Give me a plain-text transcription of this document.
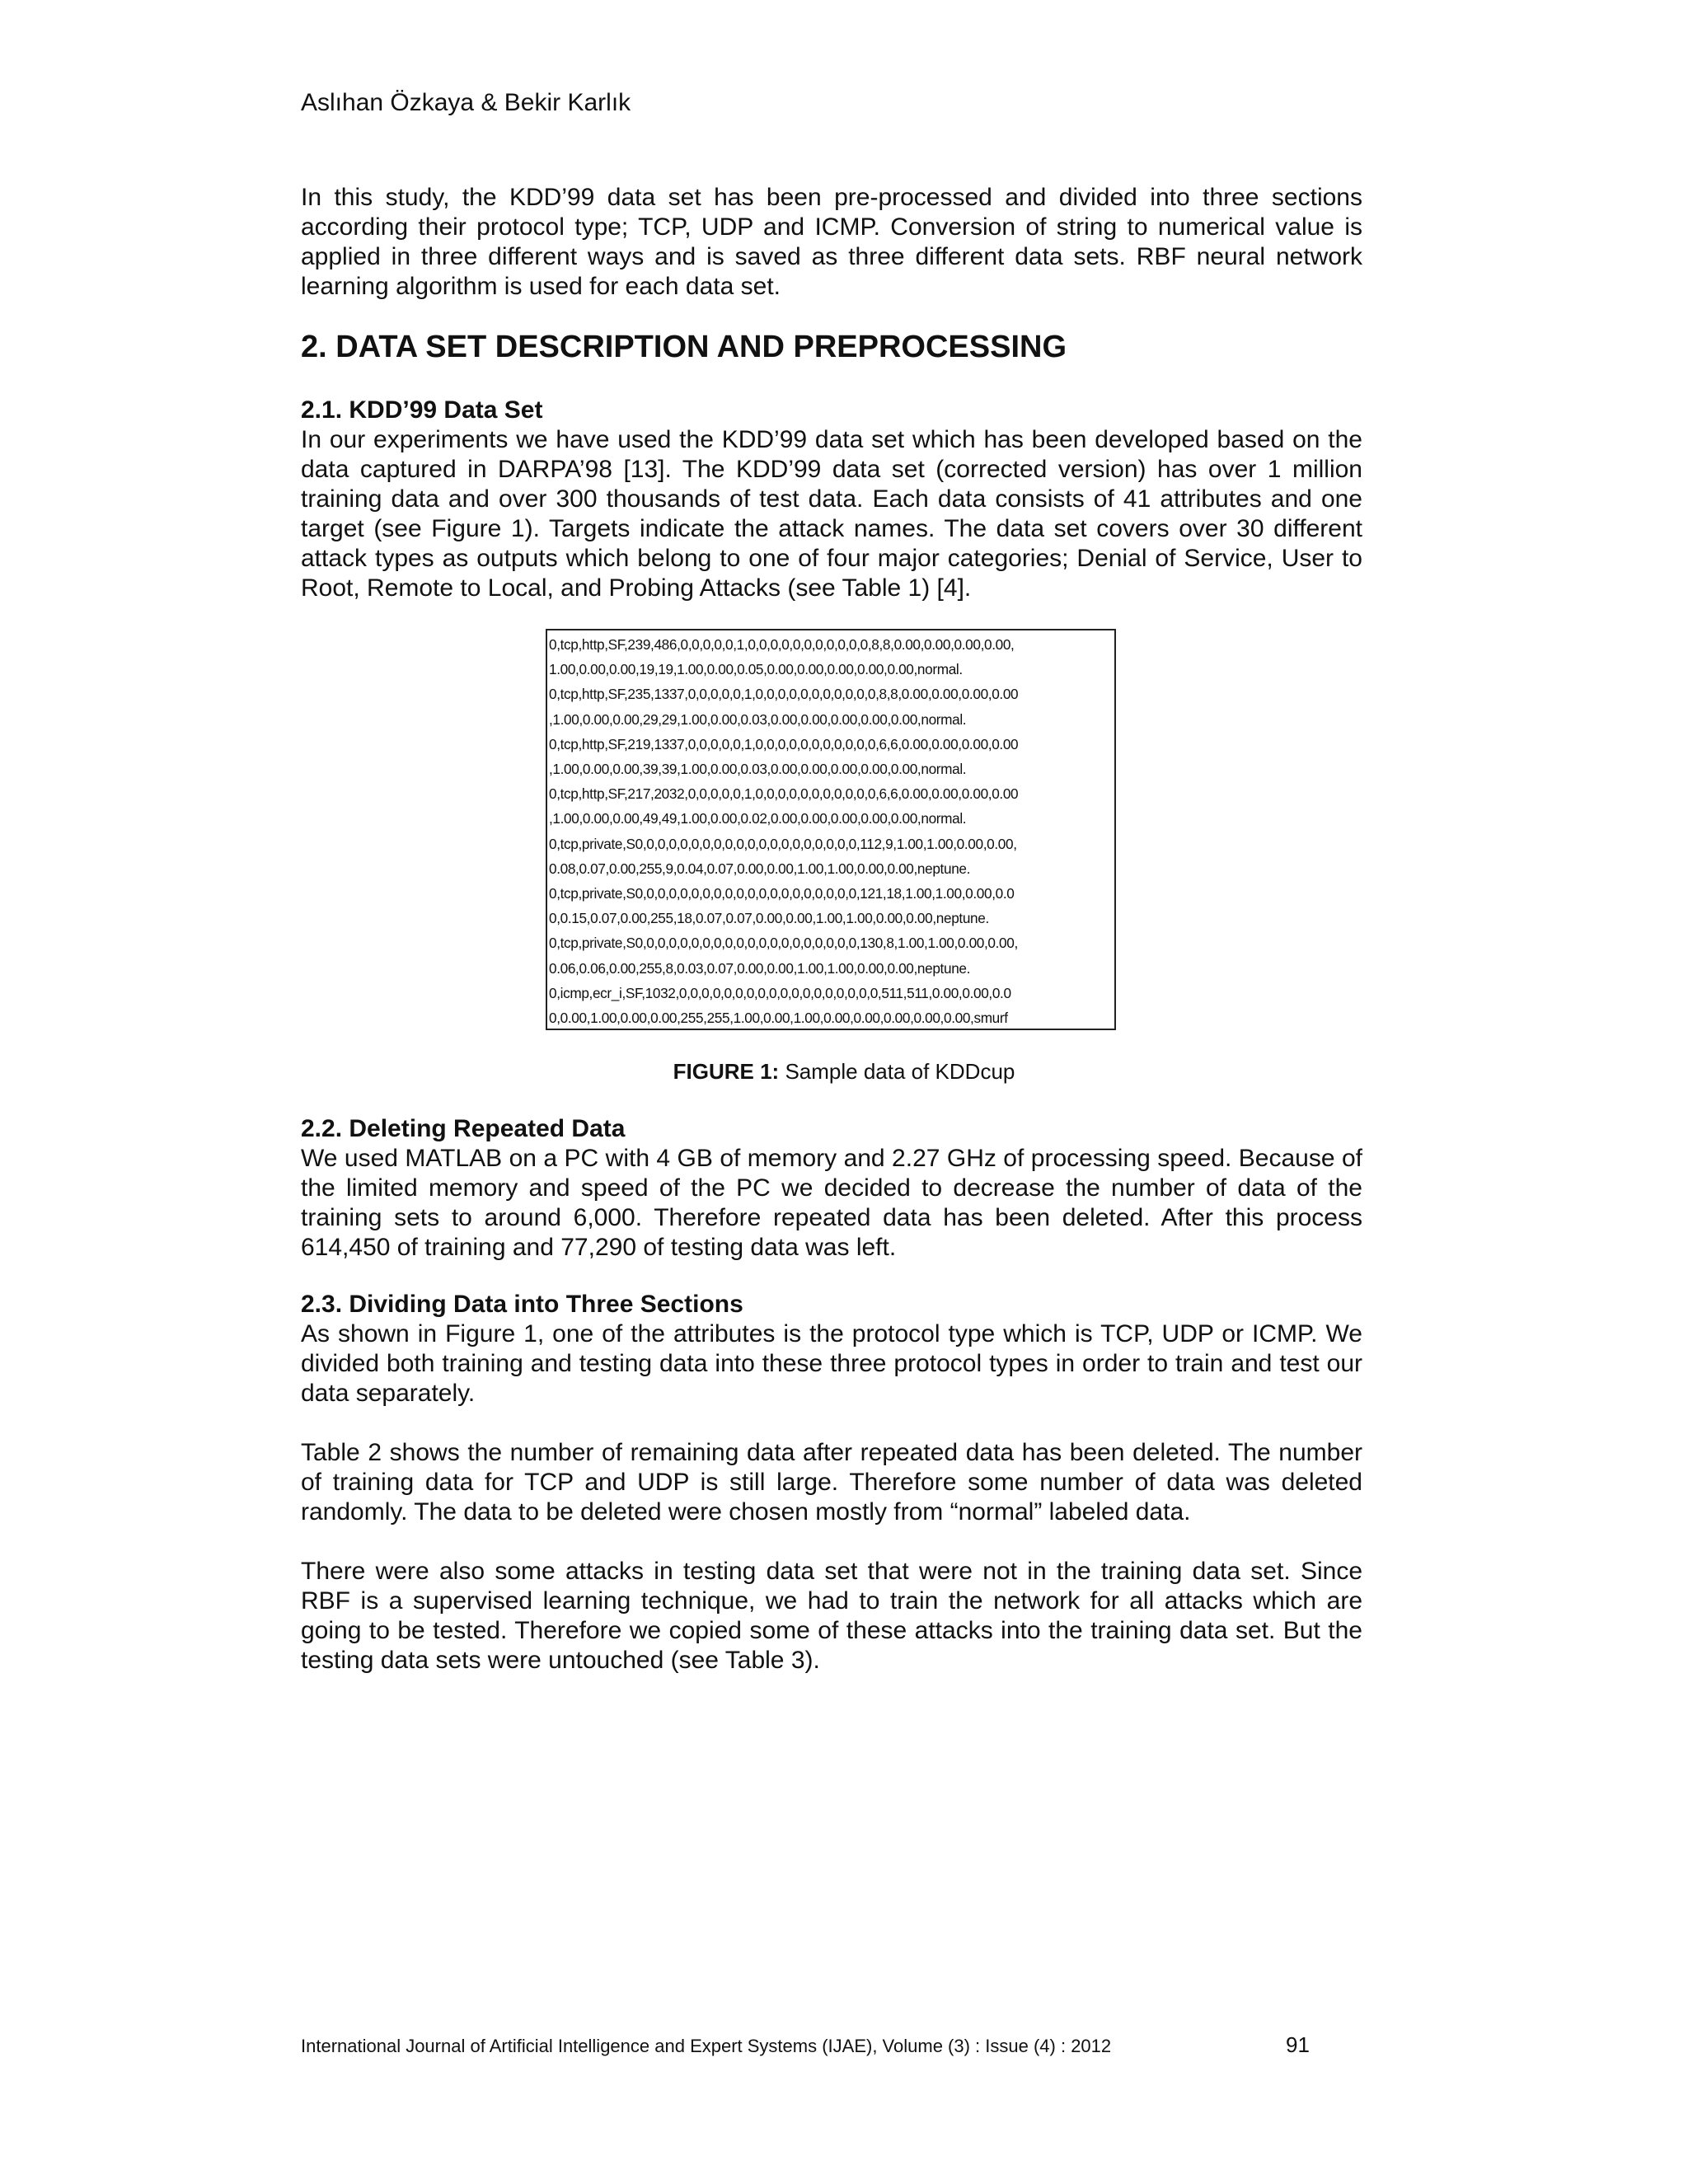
Aslıhan Özkaya & Bekir Karlık

In this study, the KDD’99 data set has been pre-processed and divided into three sections according their protocol type; TCP, UDP and ICMP. Conversion of string to numerical value is applied in three different ways and is saved as three different data sets. RBF neural network learning algorithm is used for each data set.

2. DATA SET DESCRIPTION AND PREPROCESSING
2.1. KDD’99 Data Set

In our experiments we have used the KDD’99 data set which has been developed based on the data captured in DARPA’98 [13]. The KDD’99 data set (corrected version) has over 1 million training data and over 300 thousands of test data. Each data consists of 41 attributes and one target (see Figure 1). Targets indicate the attack names. The data set covers over 30 different attack types as outputs which belong to one of four major categories; Denial of Service, User to Root, Remote to Local, and Probing Attacks (see Table 1) [4].

0,tcp,http,SF,239,486,0,0,0,0,0,1,0,0,0,0,0,0,0,0,0,0,0,8,8,0.00,0.00,0.00,0.00,
1.00,0.00,0.00,19,19,1.00,0.00,0.05,0.00,0.00,0.00,0.00,0.00,normal.
0,tcp,http,SF,235,1337,0,0,0,0,0,1,0,0,0,0,0,0,0,0,0,0,0,8,8,0.00,0.00,0.00,0.00
,1.00,0.00,0.00,29,29,1.00,0.00,0.03,0.00,0.00,0.00,0.00,0.00,normal.
0,tcp,http,SF,219,1337,0,0,0,0,0,1,0,0,0,0,0,0,0,0,0,0,0,6,6,0.00,0.00,0.00,0.00
,1.00,0.00,0.00,39,39,1.00,0.00,0.03,0.00,0.00,0.00,0.00,0.00,normal.
0,tcp,http,SF,217,2032,0,0,0,0,0,1,0,0,0,0,0,0,0,0,0,0,0,6,6,0.00,0.00,0.00,0.00
,1.00,0.00,0.00,49,49,1.00,0.00,0.02,0.00,0.00,0.00,0.00,0.00,normal.
0,tcp,private,S0,0,0,0,0,0,0,0,0,0,0,0,0,0,0,0,0,0,0,0,112,9,1.00,1.00,0.00,0.00,
0.08,0.07,0.00,255,9,0.04,0.07,0.00,0.00,1.00,1.00,0.00,0.00,neptune.
0,tcp,private,S0,0,0,0,0,0,0,0,0,0,0,0,0,0,0,0,0,0,0,0,121,18,1.00,1.00,0.00,0.0
0,0.15,0.07,0.00,255,18,0.07,0.07,0.00,0.00,1.00,1.00,0.00,0.00,neptune.
0,tcp,private,S0,0,0,0,0,0,0,0,0,0,0,0,0,0,0,0,0,0,0,0,130,8,1.00,1.00,0.00,0.00,
0.06,0.06,0.00,255,8,0.03,0.07,0.00,0.00,1.00,1.00,0.00,0.00,neptune.
0,icmp,ecr_i,SF,1032,0,0,0,0,0,0,0,0,0,0,0,0,0,0,0,0,0,0,511,511,0.00,0.00,0.0
0,0.00,1.00,0.00,0.00,255,255,1.00,0.00,1.00,0.00,0.00,0.00,0.00,0.00,smurf
FIGURE 1: Sample data of KDDcup
2.2. Deleting Repeated Data

We used MATLAB on a PC with 4 GB of memory and 2.27 GHz of processing speed. Because of the limited memory and speed of the PC we decided to decrease the number of data of the training sets to around 6,000. Therefore repeated data has been deleted. After this process 614,450 of training and 77,290 of testing data was left.

2.3. Dividing Data into Three Sections

As shown in Figure 1, one of the attributes is the protocol type which is TCP, UDP or ICMP. We divided both training and testing data into these three protocol types in order to train and test our data separately.

Table 2 shows the number of remaining data after repeated data has been deleted. The number of training data for TCP and UDP is still large. Therefore some number of data was deleted randomly. The data to be deleted were chosen mostly from “normal” labeled data.

There were also some attacks in testing data set that were not in the training data set. Since RBF is a supervised learning technique, we had to train the network for all attacks which are going to be tested. Therefore we copied some of these attacks into the training data set. But the testing data sets were untouched (see Table 3).

International Journal of Artificial Intelligence and Expert Systems (IJAE), Volume (3) : Issue (4) : 2012	91
